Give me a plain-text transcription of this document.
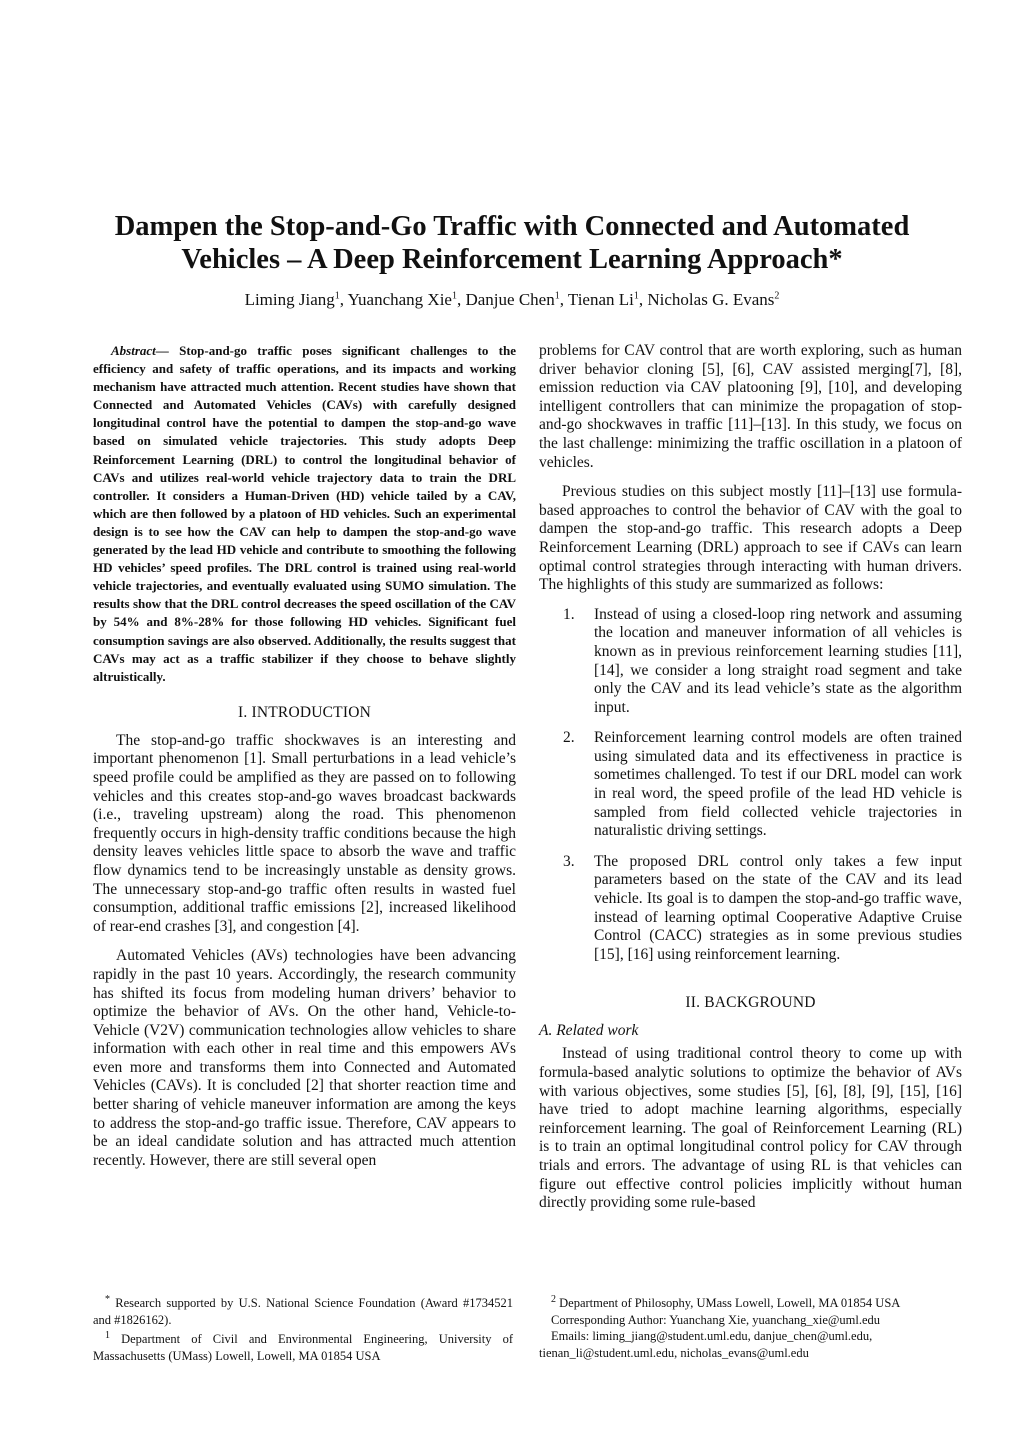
Dampen the Stop-and-Go Traffic with Connected and Automated
Vehicles – A Deep Reinforcement Learning Approach*
Liming Jiang$^1$, Yuanchang Xie$^1$, Danjue Chen$^1$, Tienan Li$^1$, Nicholas G. Evans$^2$

Abstract— Stop-and-go traffic poses significant challenges to the efficiency and safety of traffic operations, and its impacts and working mechanism have attracted much attention. Recent studies have shown that Connected and Automated Vehicles (CAVs) with carefully designed longitudinal control have the potential to dampen the stop-and-go wave based on simulated vehicle trajectories. This study adopts Deep Reinforcement Learning (DRL) to control the longitudinal behavior of CAVs and utilizes real-world vehicle trajectory data to train the DRL controller. It considers a Human-Driven (HD) vehicle tailed by a CAV, which are then followed by a platoon of HD vehicles. Such an experimental design is to see how the CAV can help to dampen the stop-and-go wave generated by the lead HD vehicle and contribute to smoothing the following HD vehicles’ speed profiles. The DRL control is trained using real-world vehicle trajectories, and eventually evaluated using SUMO simulation. The results show that the DRL control decreases the speed oscillation of the CAV by 54% and 8%-28% for those following HD vehicles. Significant fuel consumption savings are also observed. Additionally, the results suggest that CAVs may act as a traffic stabilizer if they choose to behave slightly altruistically.

I. INTRODUCTION

The stop-and-go traffic shockwaves is an interesting and important phenomenon [1]. Small perturbations in a lead vehicle’s speed profile could be amplified as they are passed on to following vehicles and this creates stop-and-go waves broadcast backwards (i.e., traveling upstream) along the road. This phenomenon frequently occurs in high-density traffic conditions because the high density leaves vehicles little space to absorb the wave and traffic flow dynamics tend to be increasingly unstable as density grows. The unnecessary stop-and-go traffic often results in wasted fuel consumption, additional traffic emissions [2], increased likelihood of rear-end crashes [3], and congestion [4].

Automated Vehicles (AVs) technologies have been advancing rapidly in the past 10 years. Accordingly, the research community has shifted its focus from modeling human drivers’ behavior to optimize the behavior of AVs. On the other hand, Vehicle-to-Vehicle (V2V) communication technologies allow vehicles to share information with each other in real time and this empowers AVs even more and transforms them into Connected and Automated Vehicles (CAVs). It is concluded [2] that shorter reaction time and better sharing of vehicle maneuver information are among the keys to address the stop-and-go traffic issue. Therefore, CAV appears to be an ideal candidate solution and has attracted much attention recently. However, there are still several open

problems for CAV control that are worth exploring, such as human driver behavior cloning [5], [6], CAV assisted merging[7], [8], emission reduction via CAV platooning [9], [10], and developing intelligent controllers that can minimize the propagation of stop-and-go shockwaves in traffic [11]–[13]. In this study, we focus on the last challenge: minimizing the traffic oscillation in a platoon of vehicles.

Previous studies on this subject mostly [11]–[13] use formula-based approaches to control the behavior of CAV with the goal to dampen the stop-and-go traffic. This research adopts a Deep Reinforcement Learning (DRL) approach to see if CAVs can learn optimal control strategies through interacting with human drivers. The highlights of this study are summarized as follows:

1.	Instead of using a closed-loop ring network and assuming the location and maneuver information of all vehicles is known as in previous reinforcement learning studies [11], [14], we consider a long straight road segment and take only the CAV and its lead vehicle’s state as the algorithm input.
2.	Reinforcement learning control models are often trained using simulated data and its effectiveness in practice is sometimes challenged. To test if our DRL model can work in real word, the speed profile of the lead HD vehicle is sampled from field collected vehicle trajectories in naturalistic driving settings.
3.	The proposed DRL control only takes a few input parameters based on the state of the CAV and its lead vehicle. Its goal is to dampen the stop-and-go traffic wave, instead of learning optimal Cooperative Adaptive Cruise Control (CACC) strategies as in some previous studies [15], [16] using reinforcement learning.
II. BACKGROUND
A. Related work

Instead of using traditional control theory to come up with formula-based analytic solutions to optimize the behavior of AVs with various objectives, some studies [5], [6], [8], [9], [15], [16] have tried to adopt machine learning algorithms, especially reinforcement learning. The goal of Reinforcement Learning (RL) is to train an optimal longitudinal control policy for CAV through trials and errors. The advantage of using RL is that vehicles can figure out effective control policies implicitly without human directly providing some rule-based

* Research supported by U.S. National Science Foundation (Award #1734521 and #1826162).

$^1$ Department of Civil and Environmental Engineering, University of Massachusetts (UMass) Lowell, Lowell, MA 01854 USA

$^2$ Department of Philosophy, UMass Lowell, Lowell, MA 01854 USA

Corresponding Author: Yuanchang Xie, yuanchang_xie@uml.edu

Emails: liming_jiang@student.uml.edu, danjue_chen@uml.edu,

tienan_li@student.uml.edu, nicholas_evans@uml.edu
